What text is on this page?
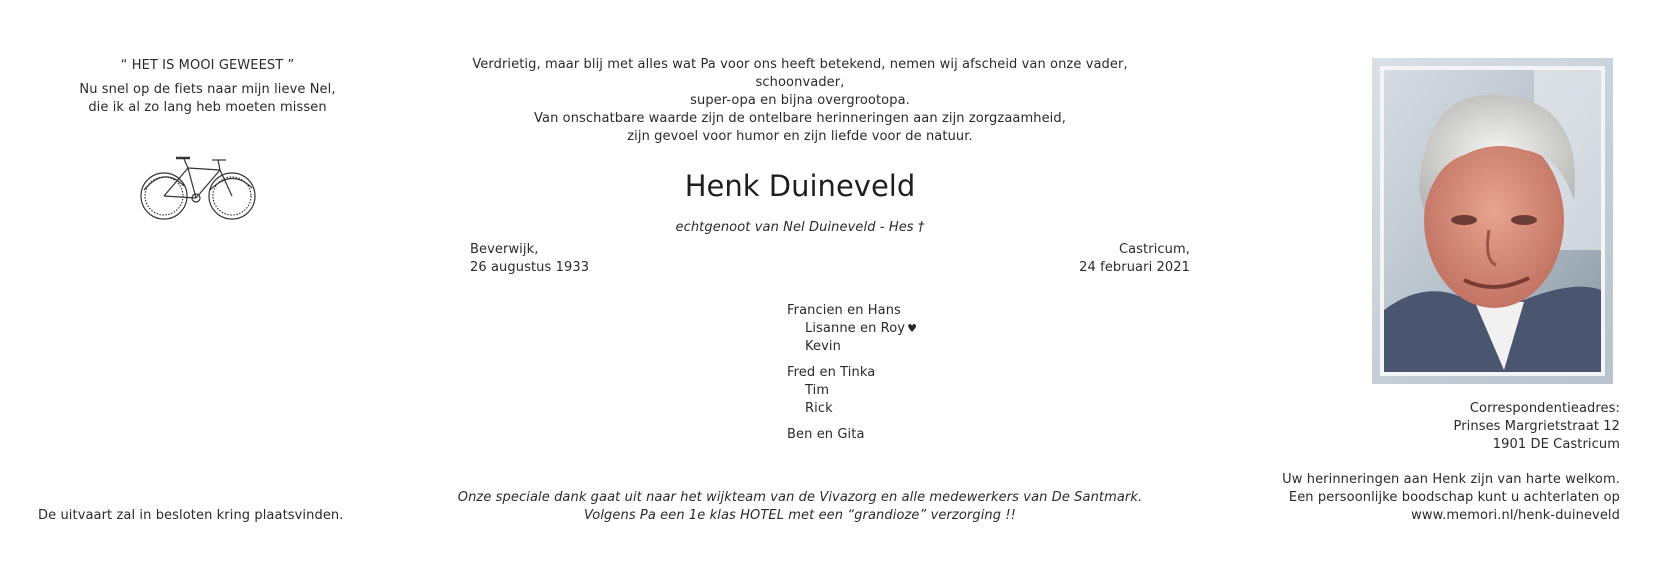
“ HET IS MOOI GEWEEST ”
Nu snel op de fiets naar mijn lieve Nel,
die ik al zo lang heb moeten missen
De uitvaart zal in besloten kring plaatsvinden.
Verdrietig, maar blij met alles wat Pa voor ons heeft betekend, nemen wij afscheid van onze vader, schoonvader,
super-opa en bijna overgrootopa.
Van onschatbare waarde zijn de ontelbare herinneringen aan zijn zorgzaamheid,
zijn gevoel voor humor en zijn liefde voor de natuur.
Henk Duineveld
echtgenoot van Nel Duineveld - Hes †
Beverwijk,
26 augustus 1933
Castricum,
24 februari 2021
Francien en Hans
Lisanne en Roy ♥
Kevin
Fred en Tinka
Tim
Rick
Ben en Gita
Onze speciale dank gaat uit naar het wijkteam van de Vivazorg en alle medewerkers van De Santmark.
Volgens Pa een 1e klas HOTEL met een “grandioze” verzorging !!
Correspondentieadres:
Prinses Margrietstraat 12
1901 DE Castricum
Uw herinneringen aan Henk zijn van harte welkom.
Een persoonlijke boodschap kunt u achterlaten op
www.memori.nl/henk-duineveld
